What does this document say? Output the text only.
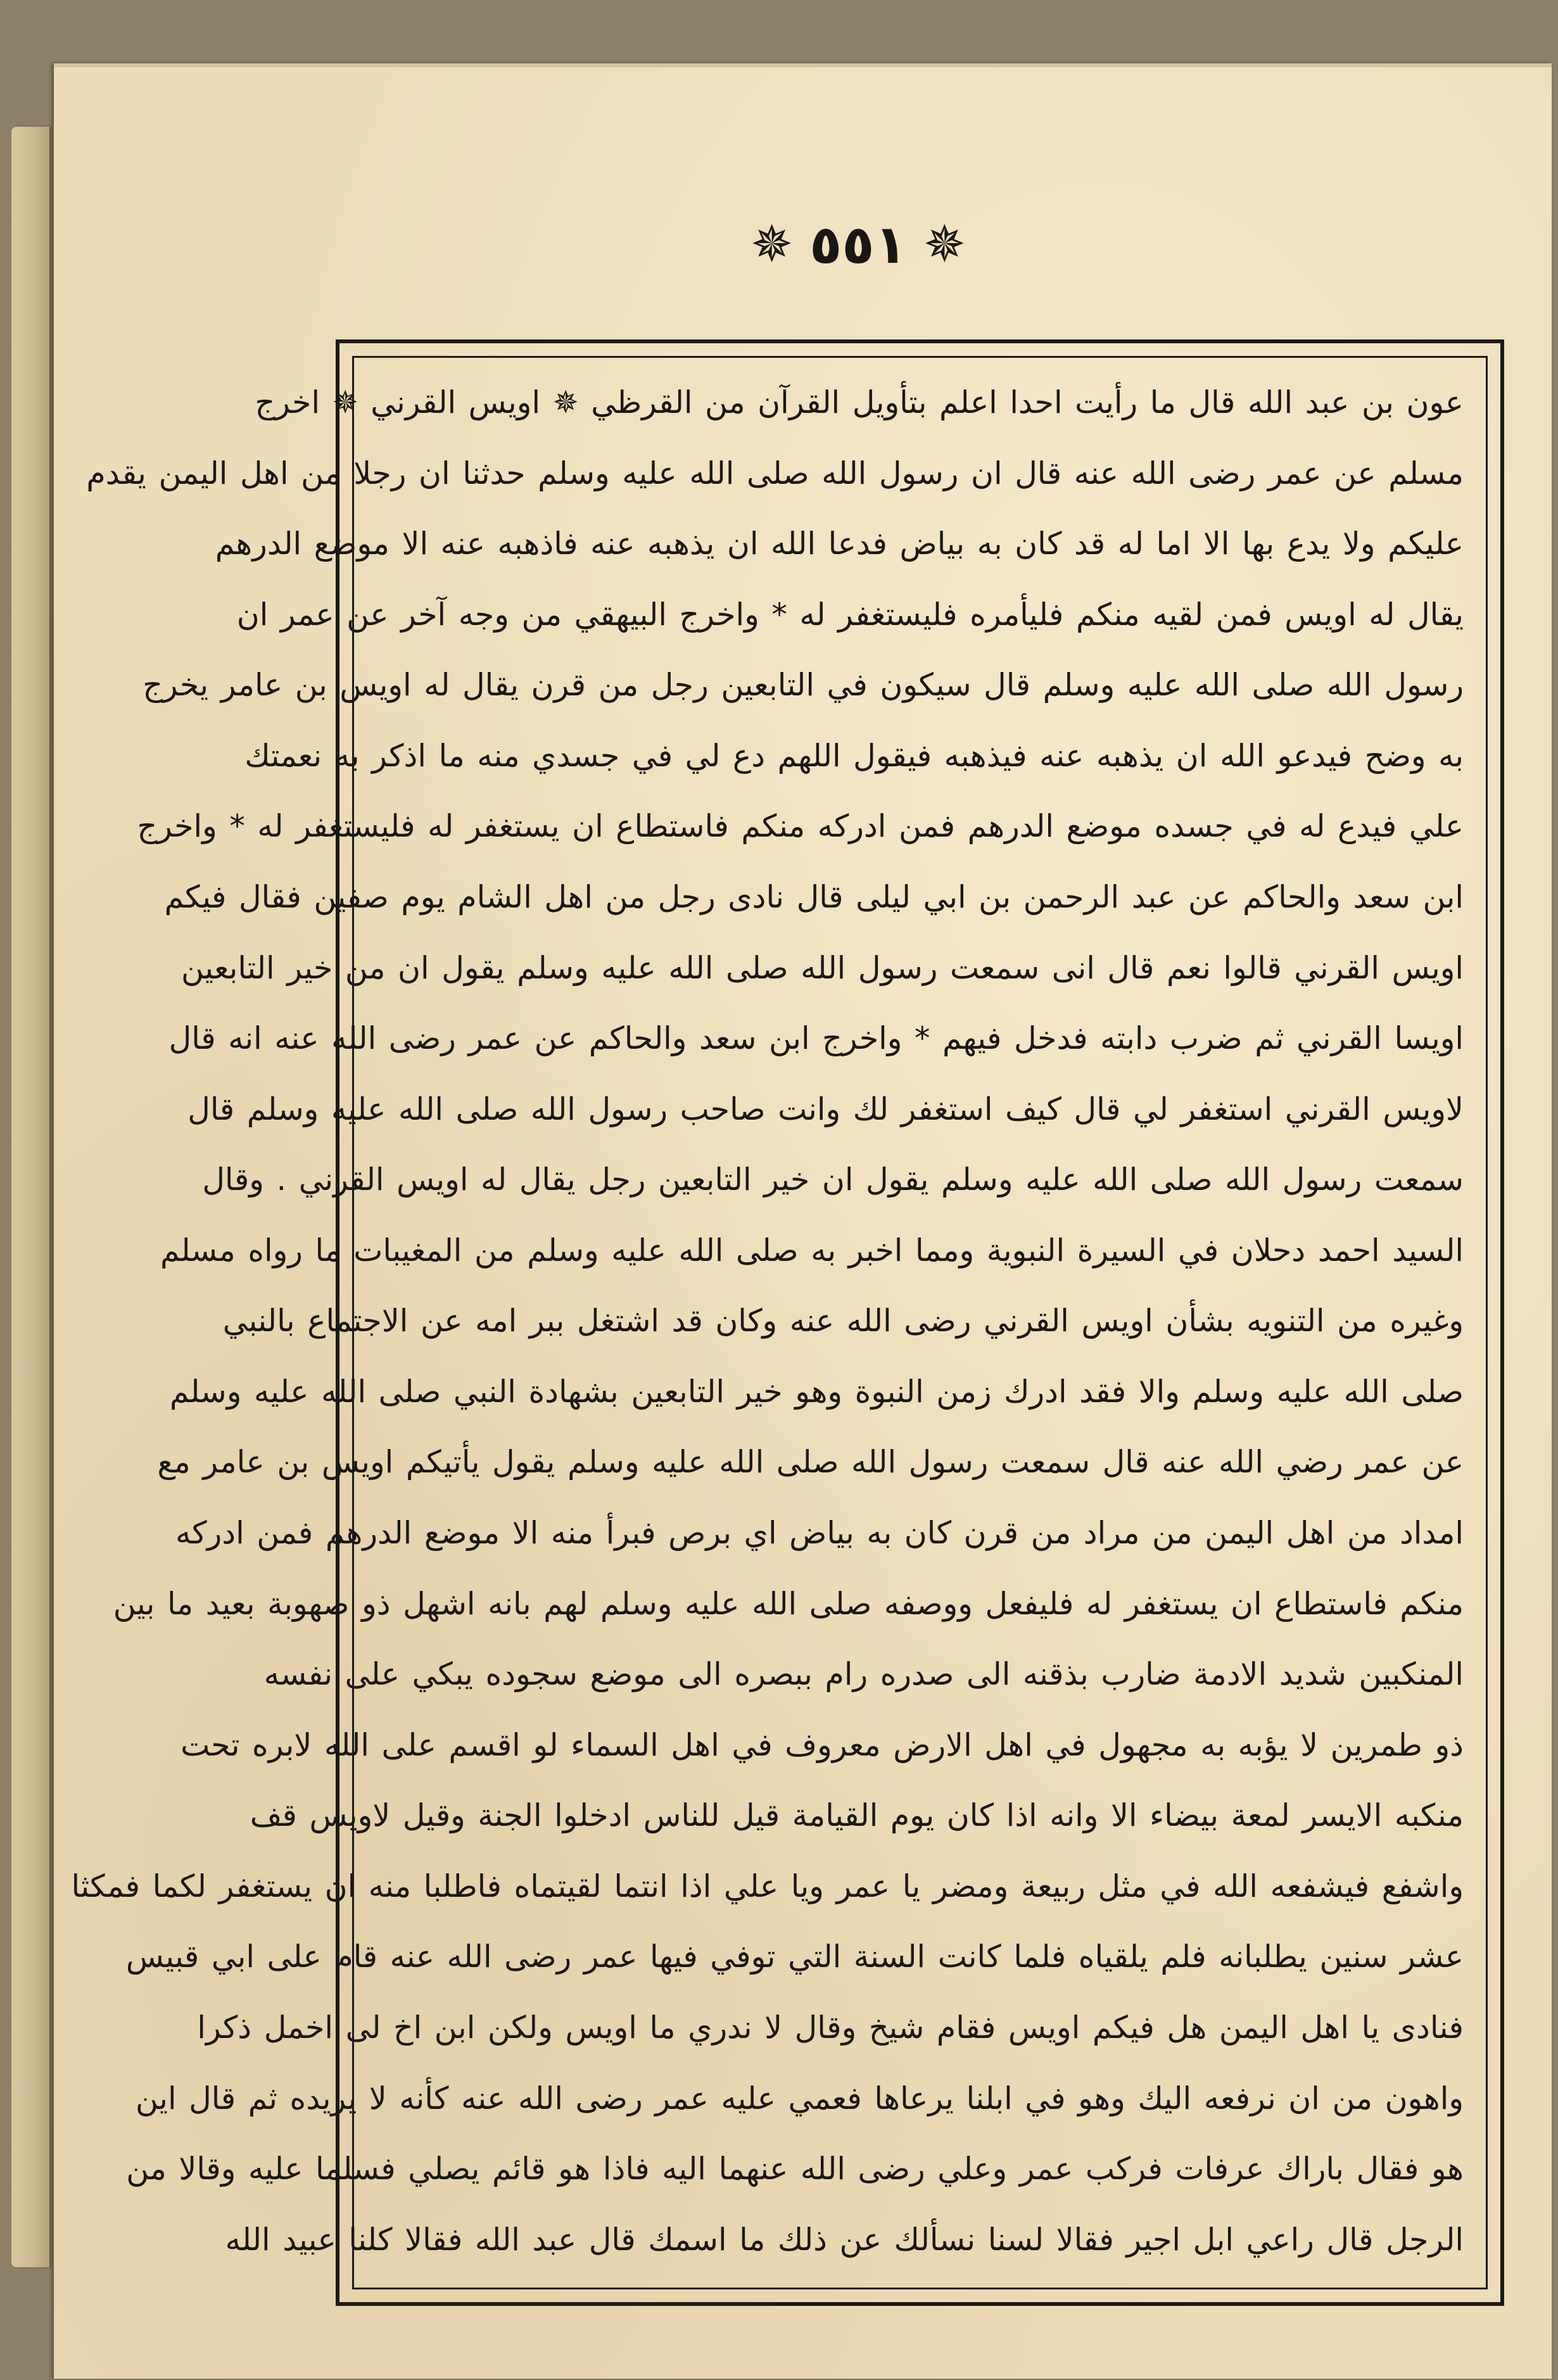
✵ ٥٥١ ✵
عون بن عبد الله قال ما رأيت احدا اعلم بتأويل القرآن من القرظي ✵ اويس القرني ✵ اخرج
مسلم عن عمر رضى الله عنه قال ان رسول الله صلى الله عليه وسلم حدثنا ان رجلا من اهل اليمن يقدم
عليكم ولا يدع بها الا اما له قد كان به بياض فدعا الله ان يذهبه عنه فاذهبه عنه الا موضع الدرهم
يقال له اويس فمن لقيه منكم فليأمره فليستغفر له * واخرج البيهقي من وجه آخر عن عمر ان
رسول الله صلى الله عليه وسلم قال سيكون في التابعين رجل من قرن يقال له اويس بن عامر يخرج
به وضح فيدعو الله ان يذهبه عنه فيذهبه فيقول اللهم دع لي في جسدي منه ما اذكر به نعمتك
علي فيدع له في جسده موضع الدرهم فمن ادركه منكم فاستطاع ان يستغفر له فليستغفر له * واخرج
ابن سعد والحاكم عن عبد الرحمن بن ابي ليلى قال نادى رجل من اهل الشام يوم صفين فقال فيكم
اويس القرني قالوا نعم قال انى سمعت رسول الله صلى الله عليه وسلم يقول ان من خير التابعين
اويسا القرني ثم ضرب دابته فدخل فيهم * واخرج ابن سعد والحاكم عن عمر رضى الله عنه انه قال
لاويس القرني استغفر لي قال كيف استغفر لك وانت صاحب رسول الله صلى الله عليه وسلم قال
سمعت رسول الله صلى الله عليه وسلم يقول ان خير التابعين رجل يقال له اويس القرني . وقال
السيد احمد دحلان في السيرة النبوية ومما اخبر به صلى الله عليه وسلم من المغيبات ما رواه مسلم
وغيره من التنويه بشأن اويس القرني رضى الله عنه وكان قد اشتغل ببر امه عن الاجتماع بالنبي
صلى الله عليه وسلم والا فقد ادرك زمن النبوة وهو خير التابعين بشهادة النبي صلى الله عليه وسلم
عن عمر رضي الله عنه قال سمعت رسول الله صلى الله عليه وسلم يقول يأتيكم اويس بن عامر مع
امداد من اهل اليمن من مراد من قرن كان به بياض اي برص فبرأ منه الا موضع الدرهم فمن ادركه
منكم فاستطاع ان يستغفر له فليفعل ووصفه صلى الله عليه وسلم لهم بانه اشهل ذو صهوبة بعيد ما بين
المنكبين شديد الادمة ضارب بذقنه الى صدره رام ببصره الى موضع سجوده يبكي على نفسه
ذو طمرين لا يؤبه به مجهول في اهل الارض معروف في اهل السماء لو اقسم على الله لابره تحت
منكبه الايسر لمعة بيضاء الا وانه اذا كان يوم القيامة قيل للناس ادخلوا الجنة وقيل لاويس قف
واشفع فيشفعه الله في مثل ربيعة ومضر يا عمر ويا علي اذا انتما لقيتماه فاطلبا منه ان يستغفر لكما فمكثا
عشر سنين يطلبانه فلم يلقياه فلما كانت السنة التي توفي فيها عمر رضى الله عنه قام على ابي قبيس
فنادى يا اهل اليمن هل فيكم اويس فقام شيخ وقال لا ندري ما اويس ولكن ابن اخ لى اخمل ذكرا
واهون من ان نرفعه اليك وهو في ابلنا يرعاها فعمي عليه عمر رضى الله عنه كأنه لا يريده ثم قال اين
هو فقال باراك عرفات فركب عمر وعلي رضى الله عنهما اليه فاذا هو قائم يصلي فسلما عليه وقالا من
الرجل قال راعي ابل اجير فقالا لسنا نسألك عن ذلك ما اسمك قال عبد الله فقالا كلنا عبيد الله
